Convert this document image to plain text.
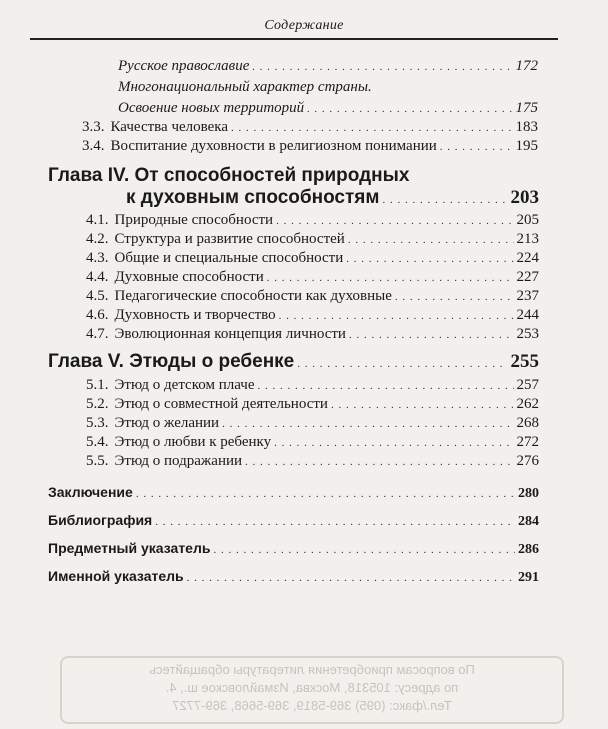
Содержание
Русское православие . . .	172
Многонациональный характер страны.
Освоение новых территорий . . .	175
3.3. Качества человека . . .	183
3.4. Воспитание духовности в религиозном понимании . . .	195
Глава IV. От способностей природных
к духовным способностям . . .	203
4.1. Природные способности . . .	205
4.2. Структура и развитие способностей . . .	213
4.3. Общие и специальные способности . . .	224
4.4. Духовные способности . . .	227
4.5. Педагогические способности как духовные . . .	237
4.6. Духовность и творчество . . .	244
4.7. Эволюционная концепция личности . . .	253
Глава V. Этюды о ребенке . . .	255
5.1. Этюд о детском плаче . . .	257
5.2. Этюд о совместной деятельности . . .	262
5.3. Этюд о желании . . .	268
5.4. Этюд о любви к ребенку . . .	272
5.5. Этюд о подражании . . .	276
Заключение . . .	280
Библиография . . .	284
Предметный указатель . . .	286
Именной указатель . . .	291
По вопросам приобретения литературы обращайтесь
по адресу: 105318, Москва, Измайловское ш., 4.
Тел./факс: (095) 369-5819, 369-5668, 369-7727
